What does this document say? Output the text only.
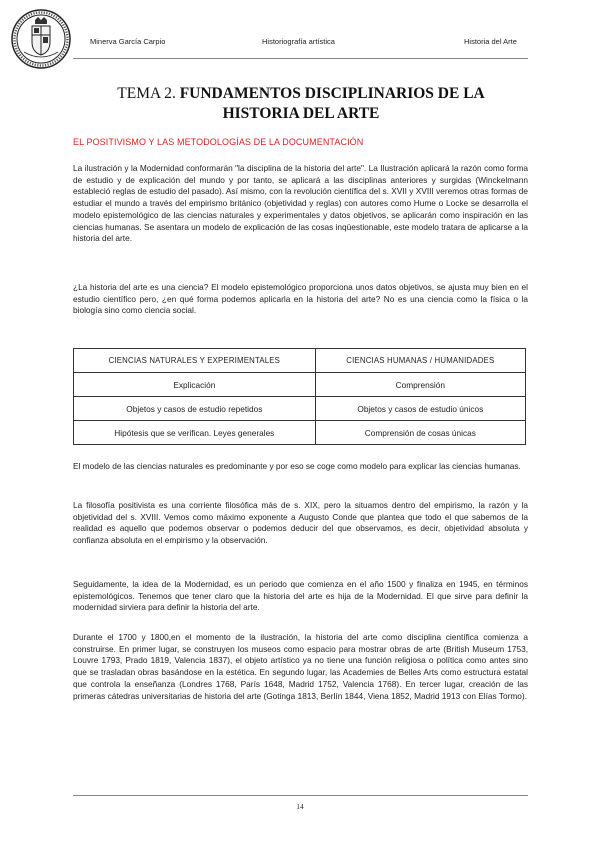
Minerva García Carpio	Historiografía artística	Historia del Arte
TEMA 2. FUNDAMENTOS DISCIPLINARIOS DE LA
HISTORIA DEL ARTE
EL POSITIVISMO Y LAS METODOLOGÍAS DE LA DOCUMENTACIÓN

La ilustración y la Modernidad conformarán "la disciplina de la historia del arte". La Ilustración aplicará la razón como forma de estudio y de explicación del mundo y por tanto, se aplicará a las disciplinas anteriores y surgidas (Winckelmann estableció reglas de estudio del pasado). Así mismo, con la revolución científica del s. XVII y XVIII veremos otras formas de estudiar el mundo a través del empirismo británico (objetividad y reglas) con autores como Hume o Locke se desarrolla el modelo epistemológico de las ciencias naturales y experimentales y datos objetivos, se aplicarán como inspiración en las ciencias humanas. Se asentara un modelo de explicación de las cosas inqüestionable, este modelo tratara de aplicarse a la historia del arte.

¿La historia del arte es una ciencia? El modelo epistemológico proporciona unos datos objetivos, se ajusta muy bien en el estudio científico pero, ¿en qué forma podemos aplicarla en la historia del arte? No es una ciencia como la física o la biología sino como ciencia social.

CIENCIAS NATURALES Y EXPERIMENTALES	CIENCIAS HUMANAS / HUMANIDADES
Explicación	Comprensión
Objetos y casos de estudio repetidos	Objetos y casos de estudio únicos
Hipótesis que se verifican. Leyes generales	Comprensión de cosas únicas

El modelo de las ciencias naturales es predominante y por eso se coge como modelo para explicar las ciencias humanas.

La filosofía positivista es una corriente filosófica más de s. XIX, pero la situamos dentro del empirismo, la razón y la objetividad del s. XVIII. Vemos como máximo exponente a Augusto Conde que plantea que todo el que sabemos de la realidad es aquello que podemos observar o podemos deducir del que observamos, es decir, objetividad absoluta y confianza absoluta en el empirismo y la observación.

Seguidamente, la idea de la Modernidad, es un periodo que comienza en el año 1500 y finaliza en 1945, en términos epistemológicos. Tenemos que tener claro que la historia del arte es hija de la Modernidad. El que sirve para definir la modernidad sirviera para definir la historia del arte.

Durante el 1700 y 1800,en el momento de la ilustración, la historia del arte como disciplina científica comienza a construirse. En primer lugar, se construyen los museos como espacio para mostrar obras de arte (British Museum 1753, Louvre 1793, Prado 1819, Valencia 1837), el objeto artístico ya no tiene una función religiosa o política como antes sino que se trasladan obras basándose en la estética. En segundo lugar, las Academies de Belles Arts como estructura estatal que controla la enseñanza (Londres 1768, París 1648, Madrid 1752, Valencia 1768). En tercer lugar, creación de las primeras cátedras universitarias de historia del arte (Gotinga 1813, Berlín 1844, Viena 1852, Madrid 1913 con Elías Tormo).

14
